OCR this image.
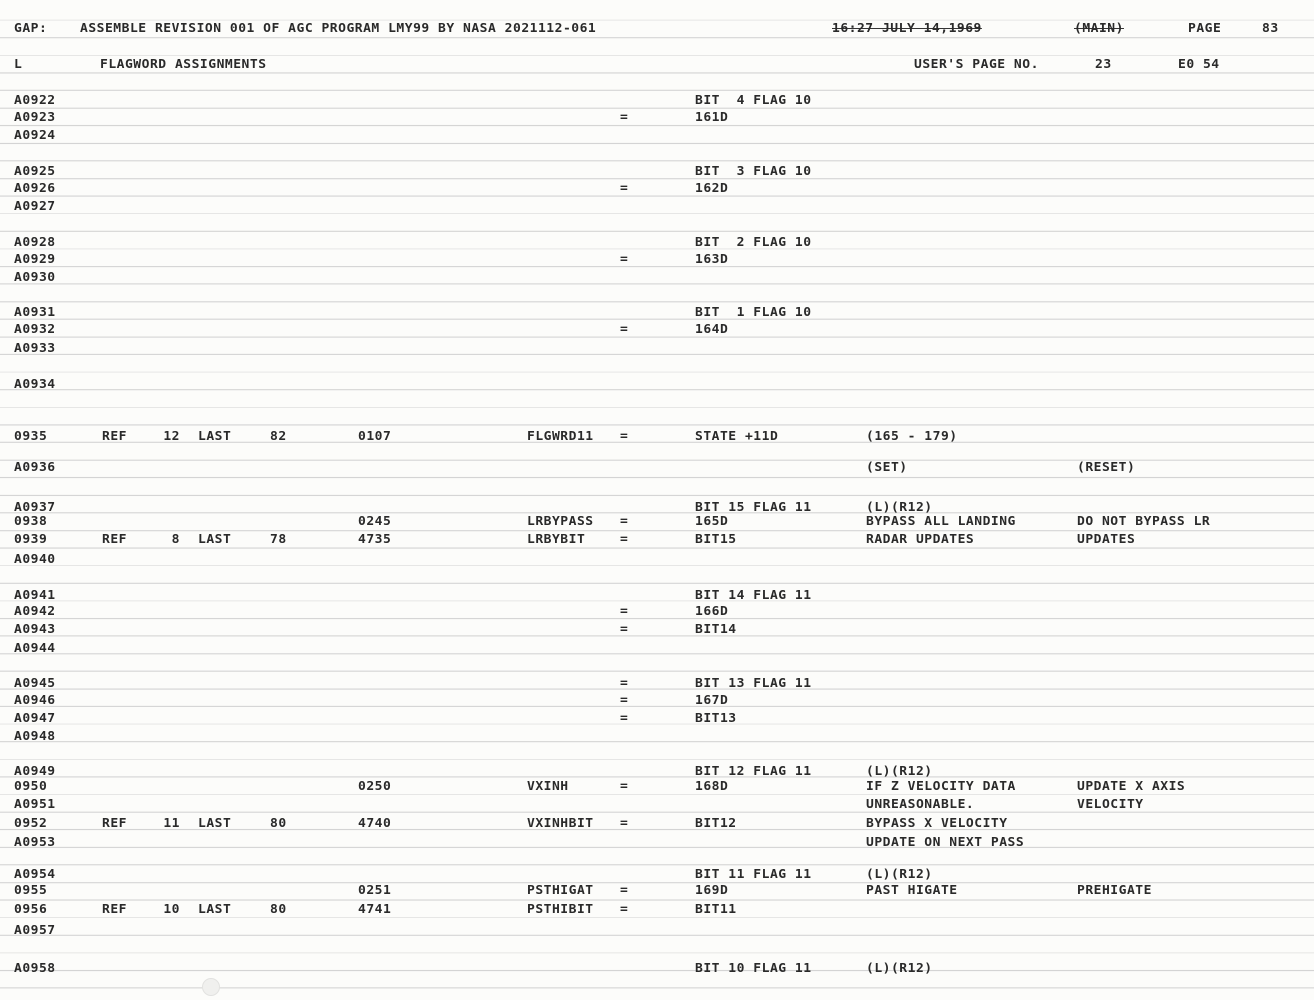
GAP:	ASSEMBLE REVISION 001 OF AGC PROGRAM LMY99 BY NASA 2021112-061	16:27 JULY 14,1969	(MAIN)	PAGE	83
L	FLAGWORD ASSIGNMENTS	USER'S PAGE NO.	23	E0 54
A0922	BIT  4 FLAG 10
A0923	=	161D
A0924
A0925	BIT  3 FLAG 10
A0926	=	162D
A0927
A0928	BIT  2 FLAG 10
A0929	=	163D
A0930
A0931	BIT  1 FLAG 10
A0932	=	164D
A0933
A0934
0935	REF	12 LAST	82	0107	FLGWRD11 =	STATE +11D	(165 - 179)
A0936	(SET)	(RESET)
A0937	BIT 15 FLAG 11	(L)(R12)
0938	0245	LRBYPASS =	165D	BYPASS ALL LANDING	DO NOT BYPASS LR
0939	REF	8 LAST	78	4735	LRBYBIT	=	BIT15	RADAR UPDATES	UPDATES
A0940
A0941	BIT 14 FLAG 11
A0942	=	166D
A0943	=	BIT14
A0944
A0945	=	BIT 13 FLAG 11
A0946	=	167D
A0947	=	BIT13
A0948
A0949	BIT 12 FLAG 11	(L)(R12)
0950	0250	VXINH	=	168D	IF Z VELOCITY DATA	UPDATE X AXIS
A0951	UNREASONABLE.	VELOCITY
0952	REF	11 LAST	80	4740	VXINHBIT =	BIT12	BYPASS X VELOCITY
A0953	UPDATE ON NEXT PASS
A0954	BIT 11 FLAG 11	(L)(R12)
0955	0251	PSTHIGAT =	169D	PAST HIGATE	PREHIGATE
0956	REF	10 LAST	80	4741	PSTHIBIT =	BIT11
A0957
A0958	BIT 10 FLAG 11	(L)(R12)
